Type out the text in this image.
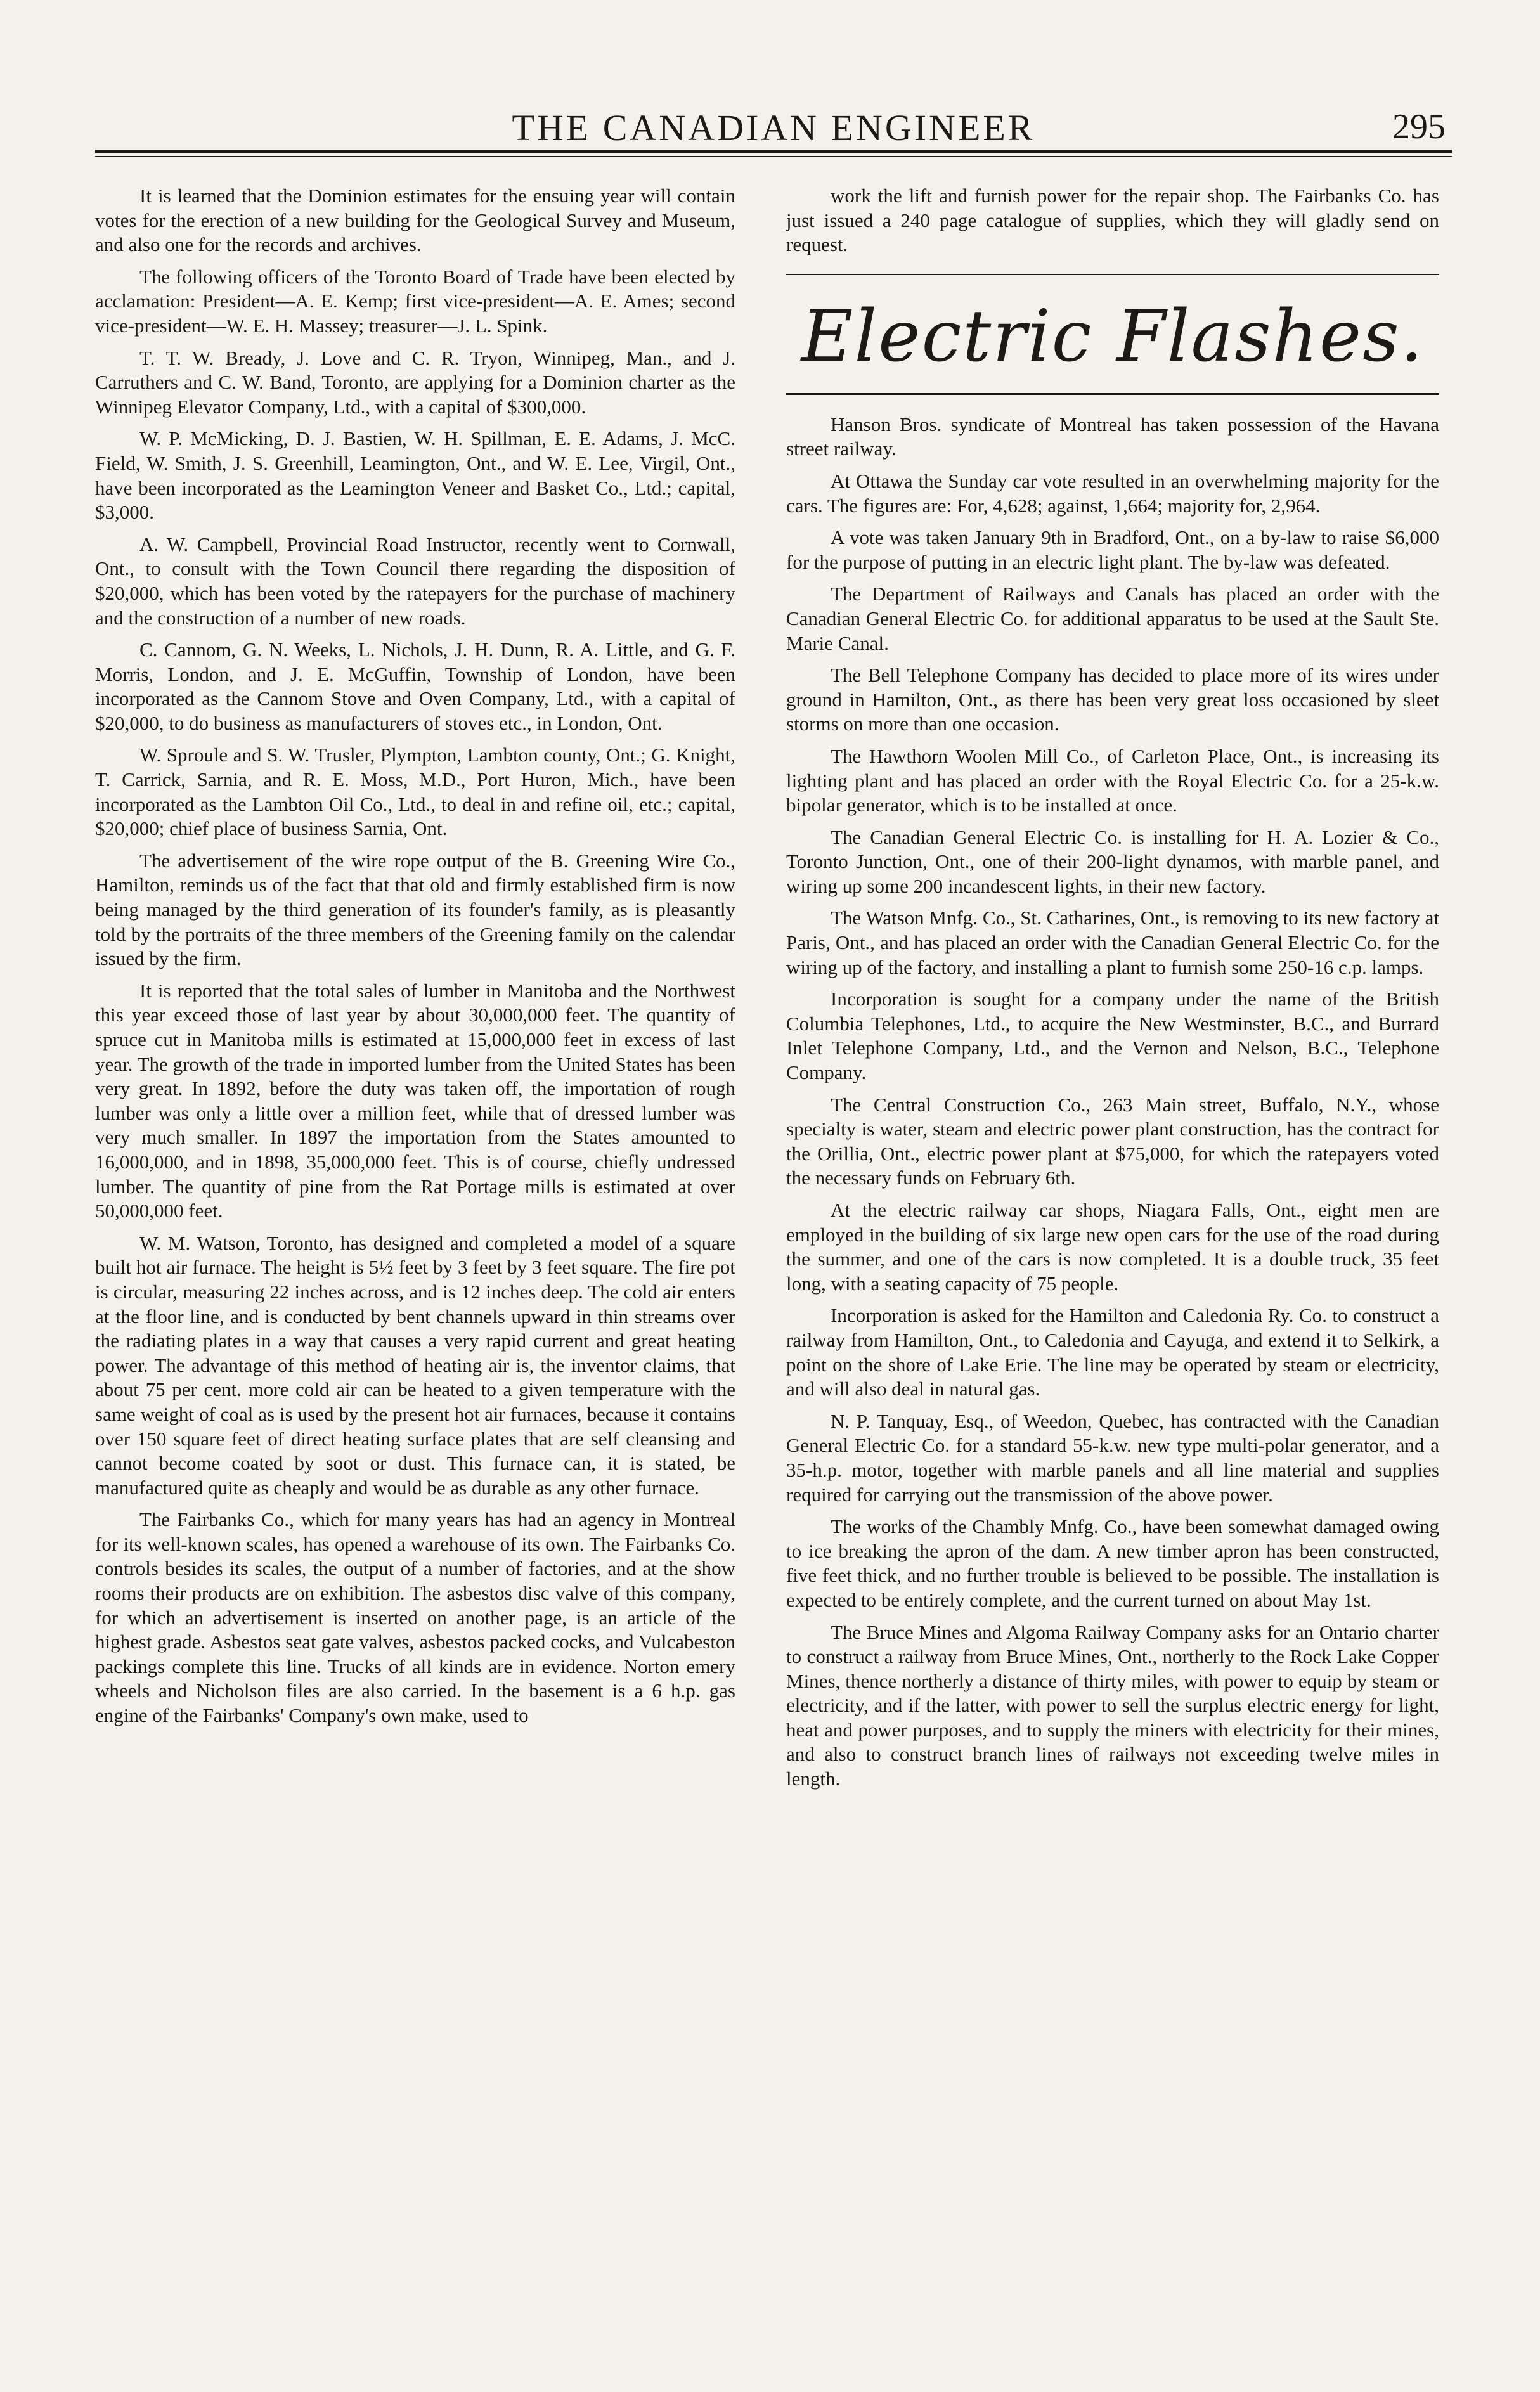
THE CANADIAN ENGINEER	295

It is learned that the Dominion estimates for the ensuing year will contain votes for the erection of a new building for the Geological Survey and Museum, and also one for the records and archives.

The following officers of the Toronto Board of Trade have been elected by acclamation: President—A. E. Kemp; first vice-president—A. E. Ames; second vice-president—W. E. H. Massey; treasurer—J. L. Spink.

T. T. W. Bready, J. Love and C. R. Tryon, Winnipeg, Man., and J. Carruthers and C. W. Band, Toronto, are applying for a Dominion charter as the Winnipeg Elevator Company, Ltd., with a capital of $300,000.

W. P. McMicking, D. J. Bastien, W. H. Spillman, E. E. Adams, J. McC. Field, W. Smith, J. S. Greenhill, Leamington, Ont., and W. E. Lee, Virgil, Ont., have been incorporated as the Leamington Veneer and Basket Co., Ltd.; capital, $3,000.

A. W. Campbell, Provincial Road Instructor, recently went to Cornwall, Ont., to consult with the Town Council there regarding the disposition of $20,000, which has been voted by the ratepayers for the purchase of machinery and the construction of a number of new roads.

C. Cannom, G. N. Weeks, L. Nichols, J. H. Dunn, R. A. Little, and G. F. Morris, London, and J. E. McGuffin, Township of London, have been incorporated as the Cannom Stove and Oven Company, Ltd., with a capital of $20,000, to do business as manufacturers of stoves etc., in London, Ont.

W. Sproule and S. W. Trusler, Plympton, Lambton county, Ont.; G. Knight, T. Carrick, Sarnia, and R. E. Moss, M.D., Port Huron, Mich., have been incorporated as the Lambton Oil Co., Ltd., to deal in and refine oil, etc.; capital, $20,000; chief place of business Sarnia, Ont.

The advertisement of the wire rope output of the B. Greening Wire Co., Hamilton, reminds us of the fact that that old and firmly established firm is now being managed by the third generation of its founder's family, as is pleasantly told by the portraits of the three members of the Greening family on the calendar issued by the firm.

It is reported that the total sales of lumber in Manitoba and the Northwest this year exceed those of last year by about 30,000,000 feet. The quantity of spruce cut in Manitoba mills is estimated at 15,000,000 feet in excess of last year. The growth of the trade in imported lumber from the United States has been very great. In 1892, before the duty was taken off, the importation of rough lumber was only a little over a million feet, while that of dressed lumber was very much smaller. In 1897 the importation from the States amounted to 16,000,000, and in 1898, 35,000,000 feet. This is of course, chiefly undressed lumber. The quantity of pine from the Rat Portage mills is estimated at over 50,000,000 feet.

W. M. Watson, Toronto, has designed and completed a model of a square built hot air furnace. The height is 5½ feet by 3 feet by 3 feet square. The fire pot is circular, measuring 22 inches across, and is 12 inches deep. The cold air enters at the floor line, and is conducted by bent channels upward in thin streams over the radiating plates in a way that causes a very rapid current and great heating power. The advantage of this method of heating air is, the inventor claims, that about 75 per cent. more cold air can be heated to a given temperature with the same weight of coal as is used by the present hot air furnaces, because it contains over 150 square feet of direct heating surface plates that are self cleansing and cannot become coated by soot or dust. This furnace can, it is stated, be manufactured quite as cheaply and would be as durable as any other furnace.

The Fairbanks Co., which for many years has had an agency in Montreal for its well-known scales, has opened a warehouse of its own. The Fairbanks Co. controls besides its scales, the output of a number of factories, and at the show rooms their products are on exhibition. The asbestos disc valve of this company, for which an advertisement is inserted on another page, is an article of the highest grade. Asbestos seat gate valves, asbestos packed cocks, and Vulcabeston packings complete this line. Trucks of all kinds are in evidence. Norton emery wheels and Nicholson files are also carried. In the basement is a 6 h.p. gas engine of the Fairbanks' Company's own make, used to

work the lift and furnish power for the repair shop. The Fairbanks Co. has just issued a 240 page catalogue of supplies, which they will gladly send on request.

Electric Flashes.

Hanson Bros. syndicate of Montreal has taken possession of the Havana street railway.

At Ottawa the Sunday car vote resulted in an overwhelming majority for the cars. The figures are: For, 4,628; against, 1,664; majority for, 2,964.

A vote was taken January 9th in Bradford, Ont., on a by-law to raise $6,000 for the purpose of putting in an electric light plant. The by-law was defeated.

The Department of Railways and Canals has placed an order with the Canadian General Electric Co. for additional apparatus to be used at the Sault Ste. Marie Canal.

The Bell Telephone Company has decided to place more of its wires under ground in Hamilton, Ont., as there has been very great loss occasioned by sleet storms on more than one occasion.

The Hawthorn Woolen Mill Co., of Carleton Place, Ont., is increasing its lighting plant and has placed an order with the Royal Electric Co. for a 25-k.w. bipolar generator, which is to be installed at once.

The Canadian General Electric Co. is installing for H. A. Lozier & Co., Toronto Junction, Ont., one of their 200-light dynamos, with marble panel, and wiring up some 200 incandescent lights, in their new factory.

The Watson Mnfg. Co., St. Catharines, Ont., is removing to its new factory at Paris, Ont., and has placed an order with the Canadian General Electric Co. for the wiring up of the factory, and installing a plant to furnish some 250-16 c.p. lamps.

Incorporation is sought for a company under the name of the British Columbia Telephones, Ltd., to acquire the New Westminster, B.C., and Burrard Inlet Telephone Company, Ltd., and the Vernon and Nelson, B.C., Telephone Company.

The Central Construction Co., 263 Main street, Buffalo, N.Y., whose specialty is water, steam and electric power plant construction, has the contract for the Orillia, Ont., electric power plant at $75,000, for which the ratepayers voted the necessary funds on February 6th.

At the electric railway car shops, Niagara Falls, Ont., eight men are employed in the building of six large new open cars for the use of the road during the summer, and one of the cars is now completed. It is a double truck, 35 feet long, with a seating capacity of 75 people.

Incorporation is asked for the Hamilton and Caledonia Ry. Co. to construct a railway from Hamilton, Ont., to Caledonia and Cayuga, and extend it to Selkirk, a point on the shore of Lake Erie. The line may be operated by steam or electricity, and will also deal in natural gas.

N. P. Tanquay, Esq., of Weedon, Quebec, has contracted with the Canadian General Electric Co. for a standard 55-k.w. new type multi-polar generator, and a 35-h.p. motor, together with marble panels and all line material and supplies required for carrying out the transmission of the above power.

The works of the Chambly Mnfg. Co., have been somewhat damaged owing to ice breaking the apron of the dam. A new timber apron has been constructed, five feet thick, and no further trouble is believed to be possible. The installation is expected to be entirely complete, and the current turned on about May 1st.

The Bruce Mines and Algoma Railway Company asks for an Ontario charter to construct a railway from Bruce Mines, Ont., northerly to the Rock Lake Copper Mines, thence northerly a distance of thirty miles, with power to equip by steam or electricity, and if the latter, with power to sell the surplus electric energy for light, heat and power purposes, and to supply the miners with electricity for their mines, and also to construct branch lines of railways not exceeding twelve miles in length.
